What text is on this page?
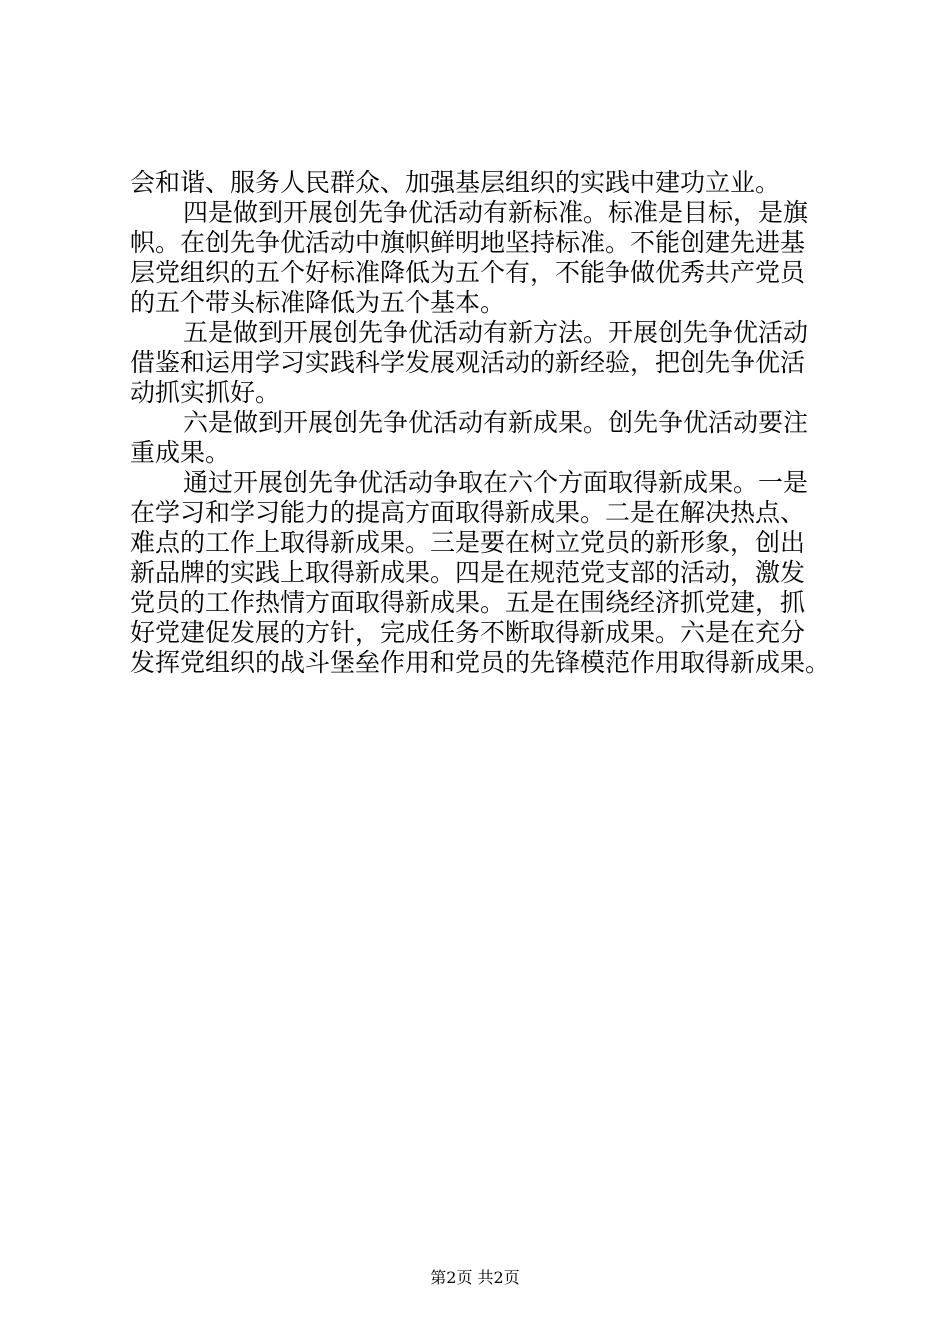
会和谐、服务人民群众、加强基层组织的实践中建功立业。
四是做到开展创先争优活动有新标准。标准是目标，是旗
帜。在创先争优活动中旗帜鲜明地坚持标准。不能创建先进基
层党组织的五个好标准降低为五个有，不能争做优秀共产党员
的五个带头标准降低为五个基本。
五是做到开展创先争优活动有新方法。开展创先争优活动
借鉴和运用学习实践科学发展观活动的新经验，把创先争优活
动抓实抓好。
六是做到开展创先争优活动有新成果。创先争优活动要注
重成果。
通过开展创先争优活动争取在六个方面取得新成果。一是
在学习和学习能力的提高方面取得新成果。二是在解决热点、
难点的工作上取得新成果。三是要在树立党员的新形象，创出
新品牌的实践上取得新成果。四是在规范党支部的活动，激发
党员的工作热情方面取得新成果。五是在围绕经济抓党建，抓
好党建促发展的方针，完成任务不断取得新成果。六是在充分
发挥党组织的战斗堡垒作用和党员的先锋模范作用取得新成果。
第2页 共2页
